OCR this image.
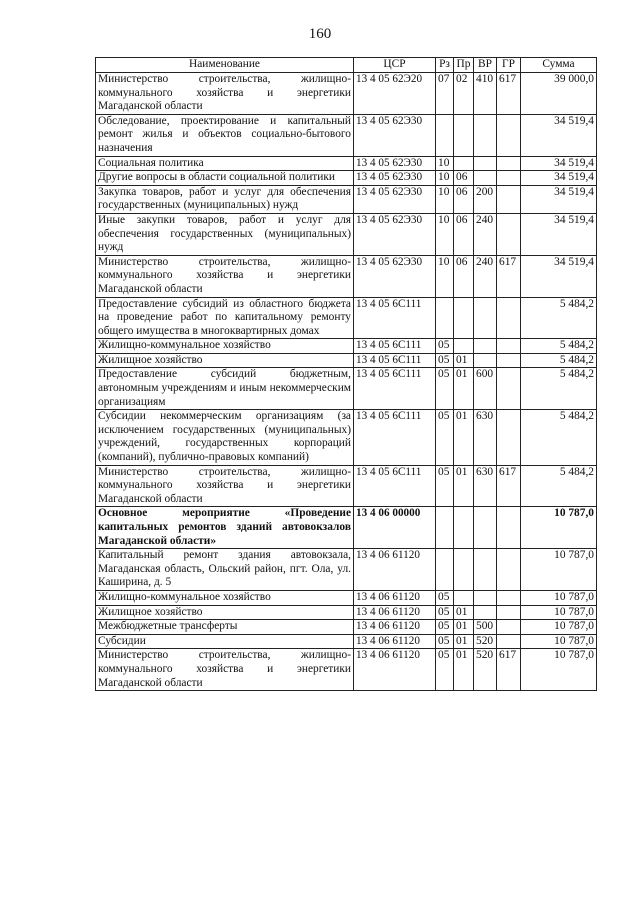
160
Наименование	ЦСР	Рз	Пр	ВР	ГР	Сумма
Министерство строительства, жилищно-коммунального хозяйства и энергетики Магаданской области	13 4 05 62Э20	07	02	410	617	39 000,0
Обследование, проектирование и капитальный ремонт жилья и объектов социально-бытового назначения	13 4 05 62Э30					34 519,4
Социальная политика	13 4 05 62Э30	10				34 519,4
Другие вопросы в области социальной политики	13 4 05 62Э30	10	06			34 519,4
Закупка товаров, работ и услуг для обеспечения государственных (муниципальных) нужд	13 4 05 62Э30	10	06	200		34 519,4
Иные закупки товаров, работ и услуг для обеспечения государственных (муниципальных) нужд	13 4 05 62Э30	10	06	240		34 519,4
Министерство строительства, жилищно-коммунального хозяйства и энергетики Магаданской области	13 4 05 62Э30	10	06	240	617	34 519,4
Предоставление субсидий из областного бюджета на проведение работ по капитальному ремонту общего имущества в многоквартирных домах	13 4 05 6С111					5 484,2
Жилищно-коммунальное хозяйство	13 4 05 6С111	05				5 484,2
Жилищное хозяйство	13 4 05 6С111	05	01			5 484,2
Предоставление субсидий бюджетным, автономным учреждениям и иным некоммерческим организациям	13 4 05 6С111	05	01	600		5 484,2
Субсидии некоммерческим организациям (за исключением государственных (муниципальных) учреждений, государственных корпораций (компаний), публично-правовых компаний)	13 4 05 6С111	05	01	630		5 484,2
Министерство строительства, жилищно-коммунального хозяйства и энергетики Магаданской области	13 4 05 6С111	05	01	630	617	5 484,2
Основное мероприятие «Проведение капитальных ремонтов зданий автовокзалов Магаданской области»	13 4 06 00000					10 787,0
Капитальный ремонт здания автовокзала, Магаданская область, Ольский район, пгт. Ола, ул. Каширина, д. 5	13 4 06 61120					10 787,0
Жилищно-коммунальное хозяйство	13 4 06 61120	05				10 787,0
Жилищное хозяйство	13 4 06 61120	05	01			10 787,0
Межбюджетные трансферты	13 4 06 61120	05	01	500		10 787,0
Субсидии	13 4 06 61120	05	01	520		10 787,0
Министерство строительства, жилищно-коммунального хозяйства и энергетики Магаданской области	13 4 06 61120	05	01	520	617	10 787,0
